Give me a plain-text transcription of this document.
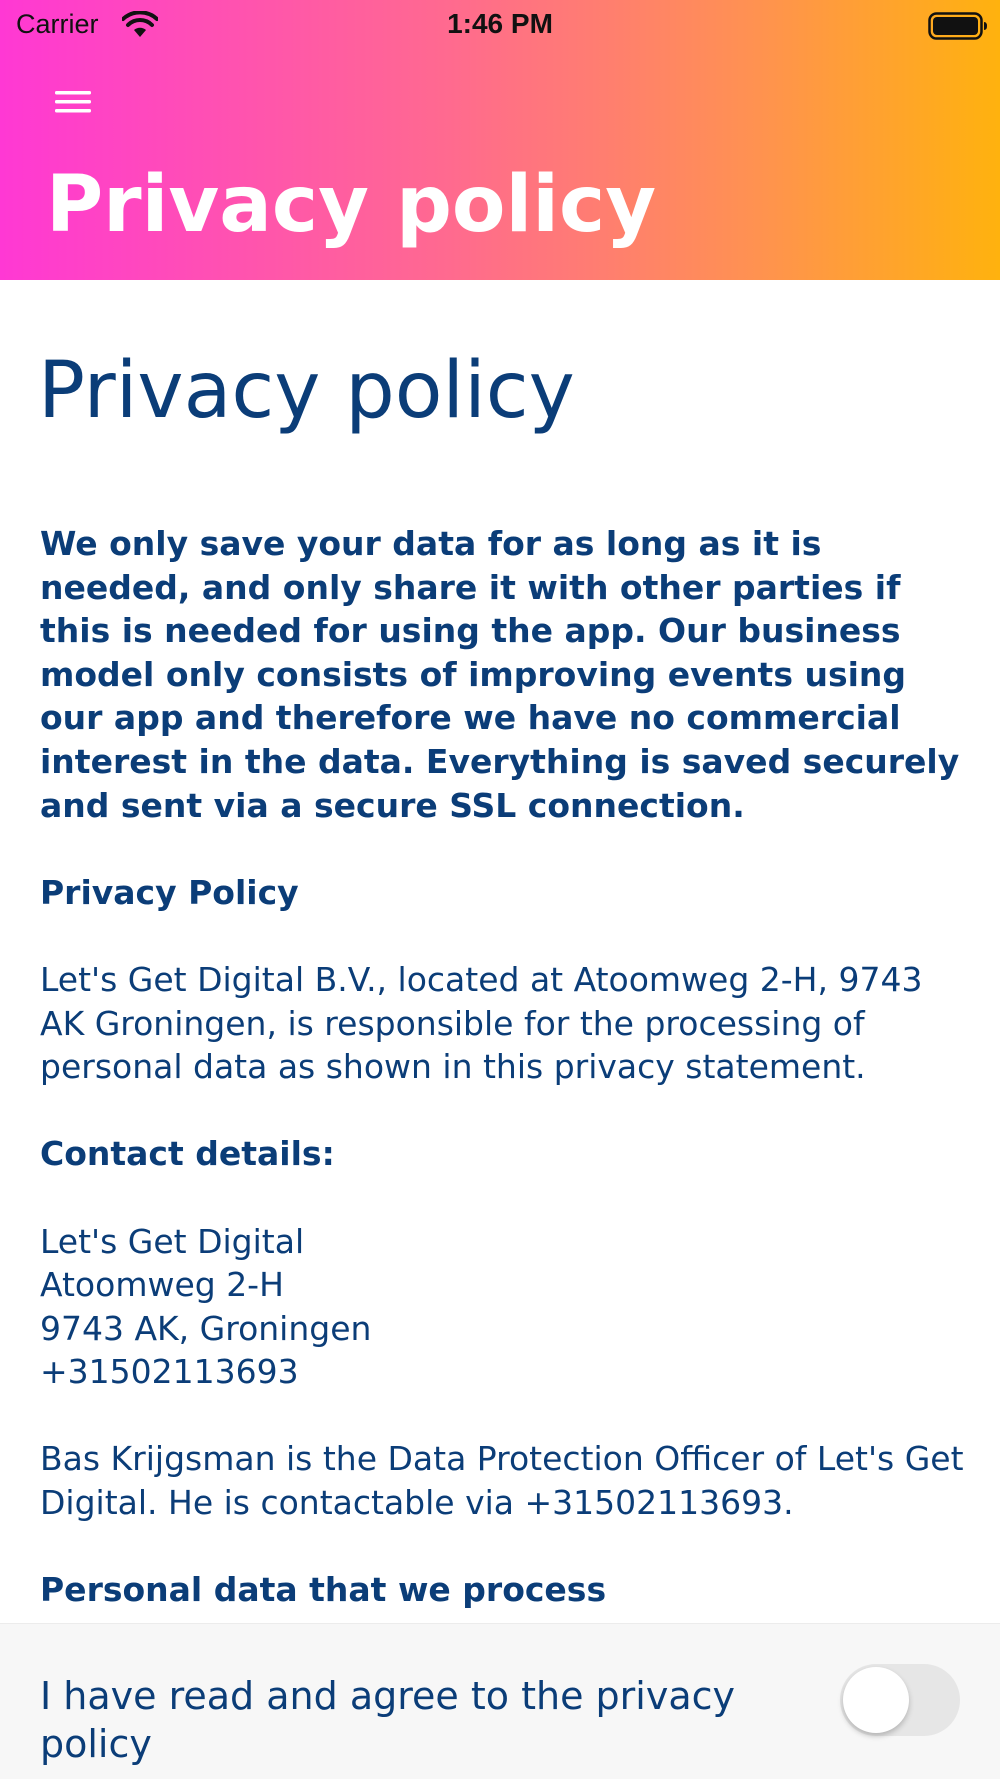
Carrier	1:46 PM
Privacy policy
Privacy policy

We only save your data for as long as it is needed, and only share it with other parties if this is needed for using the app. Our business model only consists of improving events using our app and therefore we have no commercial interest in the data. Everything is saved securely and sent via a secure SSL connection.

Privacy Policy

Let's Get Digital B.V., located at Atoomweg 2-H, 9743 AK Groningen, is responsible for the processing of personal data as shown in this privacy statement.

Contact details:

Let's Get Digital
Atoomweg 2-H
9743 AK, Groningen
+31502113693

Bas Krijgsman is the Data Protection Officer of Let's Get Digital. He is contactable via +31502113693.

Personal data that we process

I have read and agree to the privacy policy
